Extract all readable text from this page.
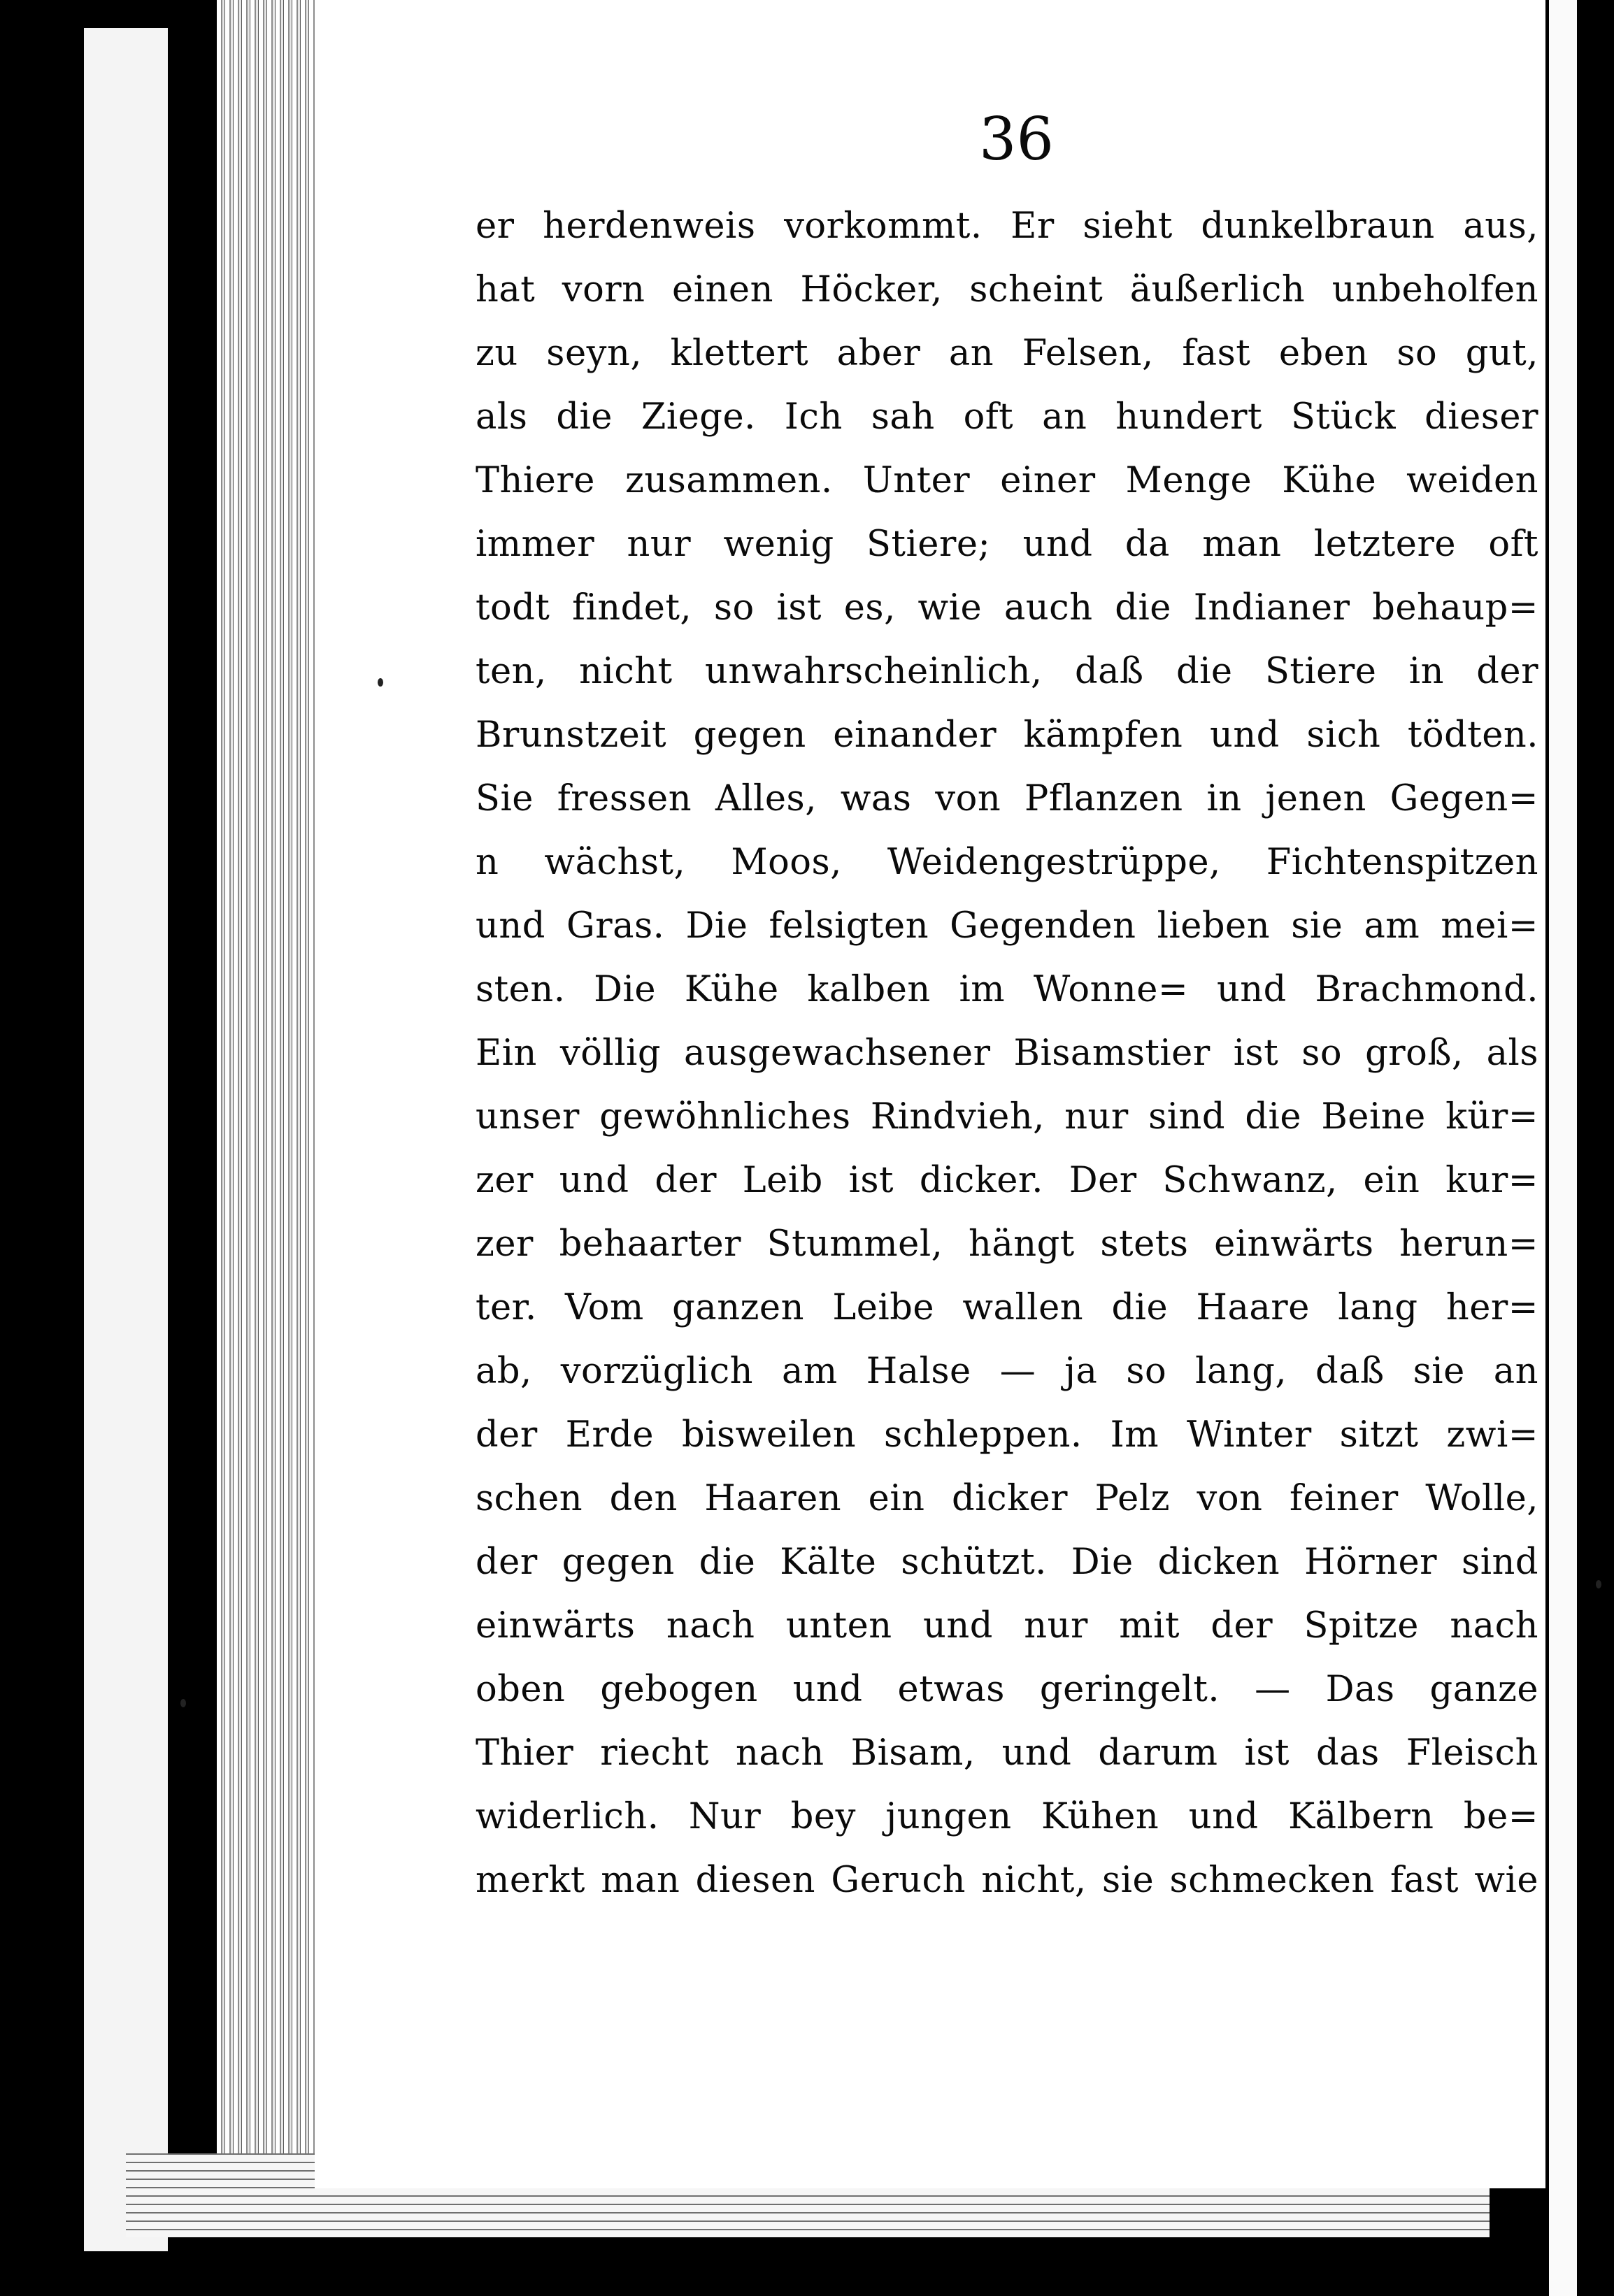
36
er herdenweis vorkommt. Er sieht dunkelbraun aus,
hat vorn einen Höcker, scheint äußerlich unbeholfen
zu seyn, klettert aber an Felsen, fast eben so gut,
als die Ziege. Ich sah oft an hundert Stück dieser
Thiere zusammen. Unter einer Menge Kühe weiden
immer nur wenig Stiere; und da man letztere oft
todt findet, so ist es, wie auch die Indianer behaup=
ten, nicht unwahrscheinlich, daß die Stiere in der
Brunstzeit gegen einander kämpfen und sich tödten.
Sie fressen Alles, was von Pflanzen in jenen Gegen=
n wächst, Moos, Weidengestrüppe, Fichtenspitzen
und Gras. Die felsigten Gegenden lieben sie am mei=
sten. Die Kühe kalben im Wonne= und Brachmond.
Ein völlig ausgewachsener Bisamstier ist so groß, als
unser gewöhnliches Rindvieh, nur sind die Beine kür=
zer und der Leib ist dicker. Der Schwanz, ein kur=
zer behaarter Stummel, hängt stets einwärts herun=
ter. Vom ganzen Leibe wallen die Haare lang her=
ab, vorzüglich am Halse — ja so lang, daß sie an
der Erde bisweilen schleppen. Im Winter sitzt zwi=
schen den Haaren ein dicker Pelz von feiner Wolle,
der gegen die Kälte schützt. Die dicken Hörner sind
einwärts nach unten und nur mit der Spitze nach
oben gebogen und etwas geringelt. — Das ganze
Thier riecht nach Bisam, und darum ist das Fleisch
widerlich. Nur bey jungen Kühen und Kälbern be=
merkt man diesen Geruch nicht, sie schmecken fast wie
